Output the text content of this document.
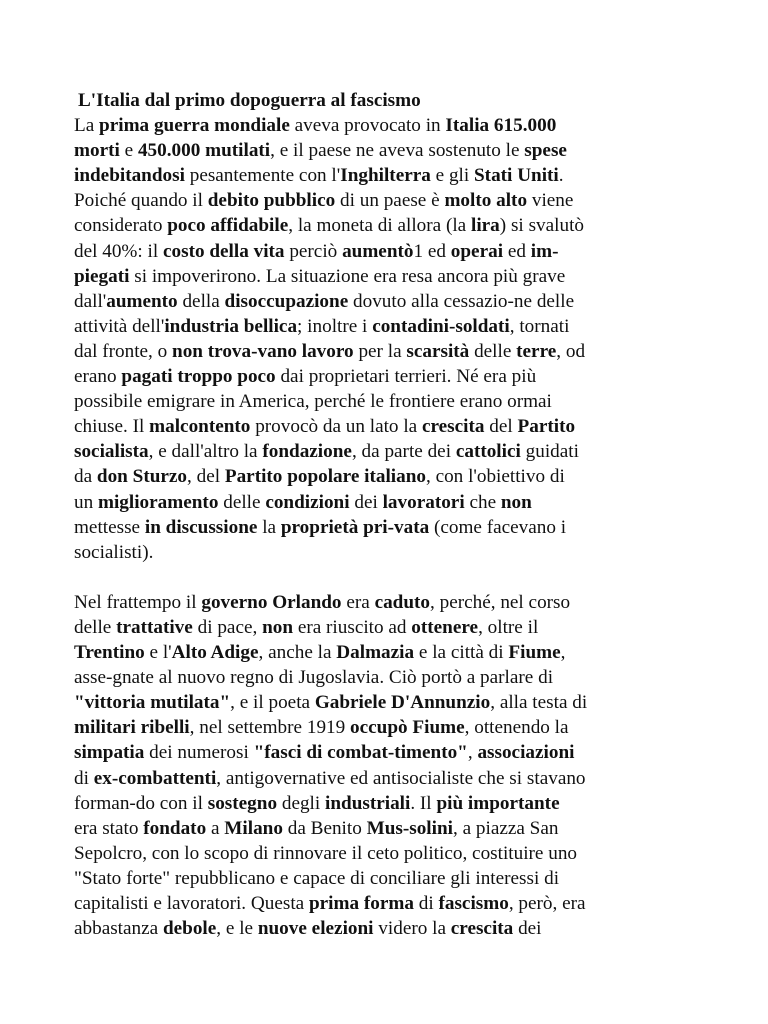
L'Italia dal primo dopoguerra al fascismo
La prima guerra mondiale aveva provocato in Italia 615.000
morti e 450.000 mutilati, e il paese ne aveva sostenuto le spese
indebitandosi pesantemente con l'Inghilterra e gli Stati Uniti.
Poiché quando il debito pubblico di un paese è molto alto viene
considerato poco affidabile, la moneta di allora (la lira) si svalutò
del 40%: il costo della vita perciò aumentò1 ed operai ed im-
piegati si impoverirono. La situazione era resa ancora più grave
dall'aumento della disoccupazione dovuto alla cessazio-ne delle
attività dell'industria bellica; inoltre i contadini-soldati, tornati
dal fronte, o non trova-vano lavoro per la scarsità delle terre, od
erano pagati troppo poco dai proprietari terrieri. Né era più
possibile emigrare in America, perché le frontiere erano ormai
chiuse. Il malcontento provocò da un lato la crescita del Partito
socialista, e dall'altro la fondazione, da parte dei cattolici guidati
da don Sturzo, del Partito popolare italiano, con l'obiettivo di
un miglioramento delle condizioni dei lavoratori che non
mettesse in discussione la proprietà pri-vata (come facevano i
socialisti).
Nel frattempo il governo Orlando era caduto, perché, nel corso
delle trattative di pace, non era riuscito ad ottenere, oltre il
Trentino e l'Alto Adige, anche la Dalmazia e la città di Fiume,
asse-gnate al nuovo regno di Jugoslavia. Ciò portò a parlare di
"vittoria mutilata", e il poeta Gabriele D'Annunzio, alla testa di
militari ribelli, nel settembre 1919 occupò Fiume, ottenendo la
simpatia dei numerosi "fasci di combat-timento", associazioni
di ex-combattenti, antigovernative ed antisocialiste che si stavano
forman-do con il sostegno degli industriali. Il più importante
era stato fondato a Milano da Benito Mus-solini, a piazza San
Sepolcro, con lo scopo di rinnovare il ceto politico, costituire uno
"Stato forte" repubblicano e capace di conciliare gli interessi di
capitalisti e lavoratori. Questa prima forma di fascismo, però, era
abbastanza debole, e le nuove elezioni videro la crescita dei
